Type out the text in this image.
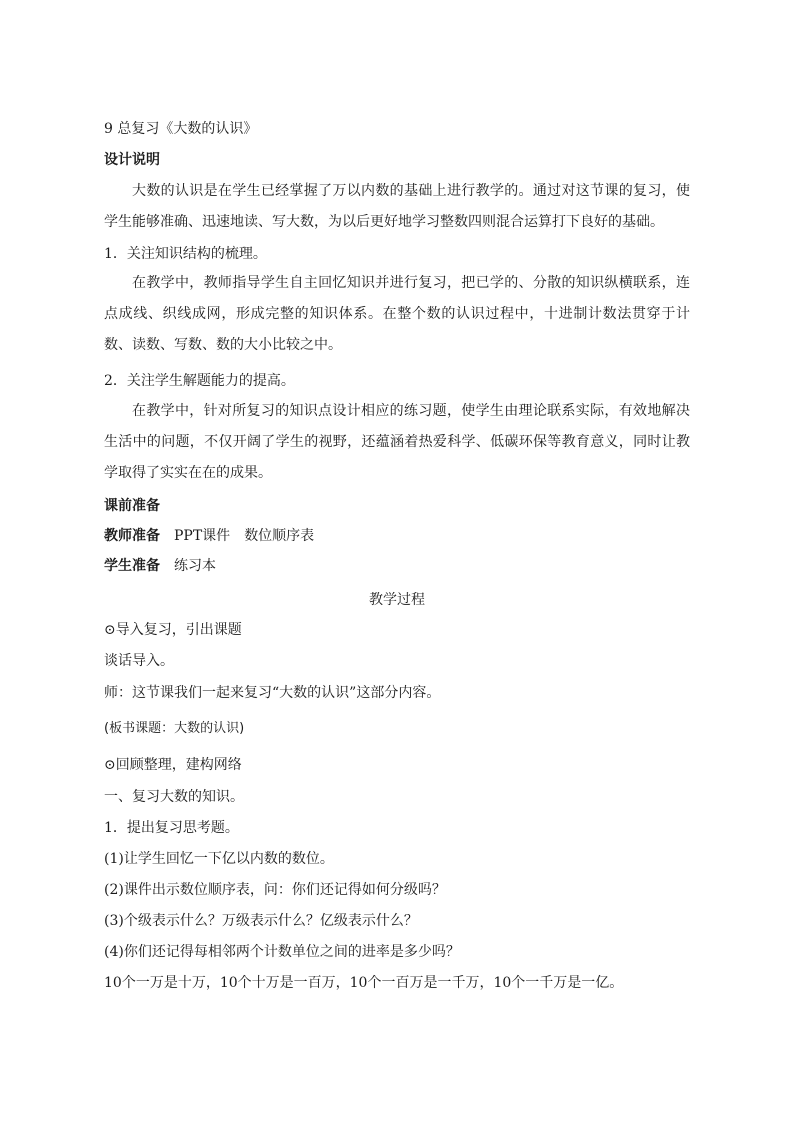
9 总复习《大数的认识》
设计说明
大数的认识是在学生已经掌握了万以内数的基础上进行教学的。通过对这节课的复习，使学生能够准确、迅速地读、写大数，为以后更好地学习整数四则混合运算打下良好的基础。
1．关注知识结构的梳理。
在教学中，教师指导学生自主回忆知识并进行复习，把已学的、分散的知识纵横联系，连点成线、织线成网，形成完整的知识体系。在整个数的认识过程中，十进制计数法贯穿于计数、读数、写数、数的大小比较之中。
2．关注学生解题能力的提高。
在教学中，针对所复习的知识点设计相应的练习题，使学生由理论联系实际，有效地解决生活中的问题，不仅开阔了学生的视野，还蕴涵着热爱科学、低碳环保等教育意义，同时让教学取得了实实在在的成果。
课前准备
教师准备 PPT课件 数位顺序表
学生准备 练习本
教学过程
⊙导入复习，引出课题
谈话导入。
师：这节课我们一起来复习“大数的认识”这部分内容。
(板书课题：大数的认识)
⊙回顾整理，建构网络
一、复习大数的知识。
1．提出复习思考题。
(1)让学生回忆一下亿以内数的数位。
(2)课件出示数位顺序表，问：你们还记得如何分级吗？
(3)个级表示什么？万级表示什么？亿级表示什么？
(4)你们还记得每相邻两个计数单位之间的进率是多少吗？
10个一万是十万，10个十万是一百万，10个一百万是一千万，10个一千万是一亿。
